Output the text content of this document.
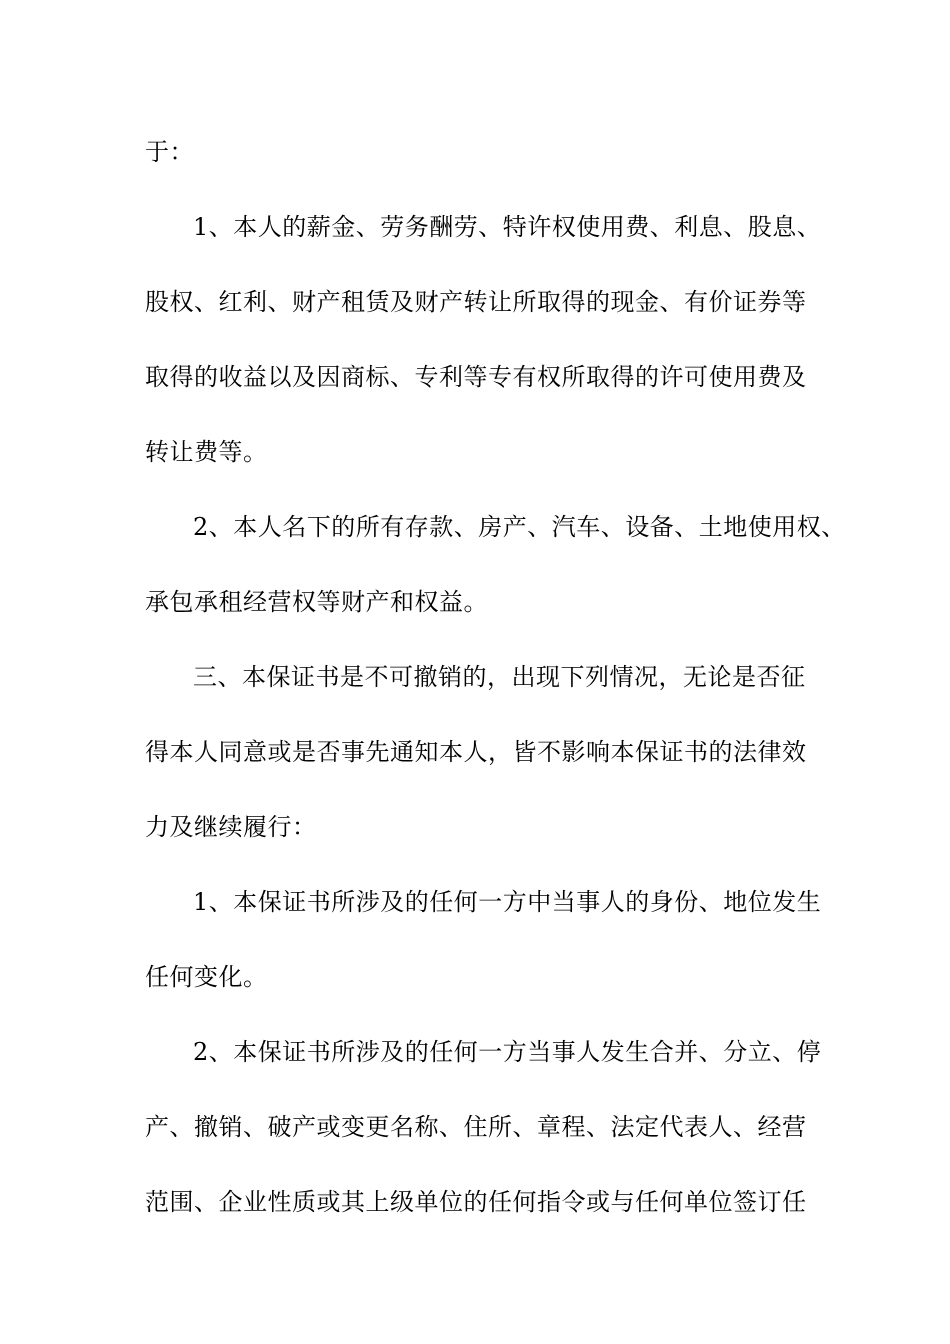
于：
1、本人的薪金、劳务酬劳、特许权使用费、利息、股息、
股权、红利、财产租赁及财产转让所取得的现金、有价证券等
取得的收益以及因商标、专利等专有权所取得的许可使用费及
转让费等。
2、本人名下的所有存款、房产、汽车、设备、土地使用权、
承包承租经营权等财产和权益。
三、本保证书是不可撤销的，出现下列情况，无论是否征
得本人同意或是否事先通知本人，皆不影响本保证书的法律效
力及继续履行：
1、本保证书所涉及的任何一方中当事人的身份、地位发生
任何变化。
2、本保证书所涉及的任何一方当事人发生合并、分立、停
产、撤销、破产或变更名称、住所、章程、法定代表人、经营
范围、企业性质或其上级单位的任何指令或与任何单位签订任
